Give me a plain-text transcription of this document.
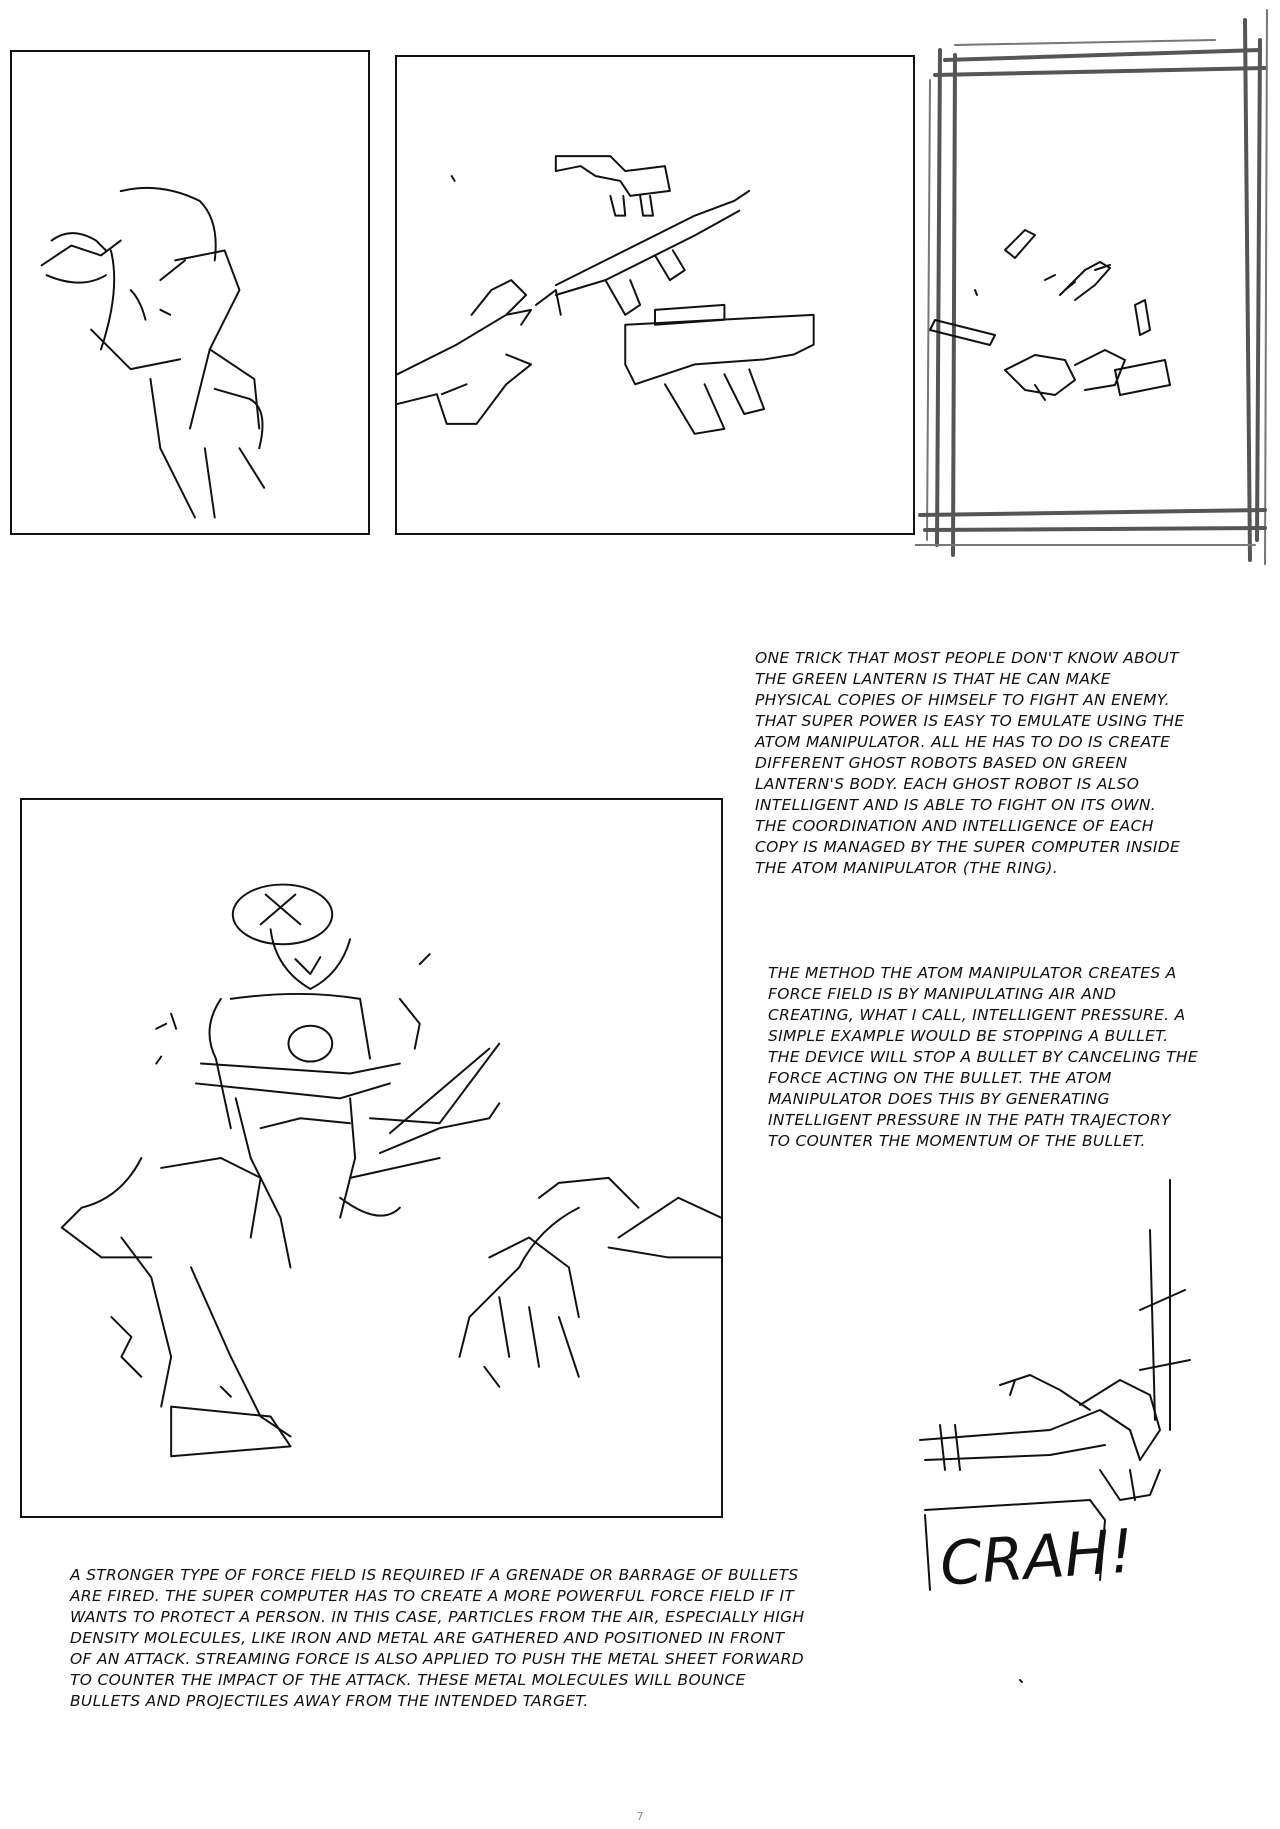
ONE TRICK THAT MOST PEOPLE DON'T KNOW ABOUT THE GREEN LANTERN IS THAT HE CAN MAKE PHYSICAL COPIES OF HIMSELF TO FIGHT AN ENEMY. THAT SUPER POWER IS EASY TO EMULATE USING THE ATOM MANIPULATOR. ALL HE HAS TO DO IS CREATE DIFFERENT GHOST ROBOTS BASED ON GREEN LANTERN'S BODY. EACH GHOST ROBOT IS ALSO INTELLIGENT AND IS ABLE TO FIGHT ON ITS OWN. THE COORDINATION AND INTELLIGENCE OF EACH COPY IS MANAGED BY THE SUPER COMPUTER INSIDE THE ATOM MANIPULATOR (THE RING).

THE METHOD THE ATOM MANIPULATOR CREATES A FORCE FIELD IS BY MANIPULATING AIR AND CREATING, WHAT I CALL, INTELLIGENT PRESSURE. A SIMPLE EXAMPLE WOULD BE STOPPING A BULLET. THE DEVICE WILL STOP A BULLET BY CANCELING THE FORCE ACTING ON THE BULLET. THE ATOM MANIPULATOR DOES THIS BY GENERATING INTELLIGENT PRESSURE IN THE PATH TRAJECTORY TO COUNTER THE MOMENTUM OF THE BULLET.

CRAH!

A STRONGER TYPE OF FORCE FIELD IS REQUIRED IF A GRENADE OR BARRAGE OF BULLETS ARE FIRED. THE SUPER COMPUTER HAS TO CREATE A MORE POWERFUL FORCE FIELD IF IT WANTS TO PROTECT A PERSON. IN THIS CASE, PARTICLES FROM THE AIR, ESPECIALLY HIGH DENSITY MOLECULES, LIKE IRON AND METAL ARE GATHERED AND POSITIONED IN FRONT OF AN ATTACK. STREAMING FORCE IS ALSO APPLIED TO PUSH THE METAL SHEET FORWARD TO COUNTER THE IMPACT OF THE ATTACK. THESE METAL MOLECULES WILL BOUNCE BULLETS AND PROJECTILES AWAY FROM THE INTENDED TARGET.

7
